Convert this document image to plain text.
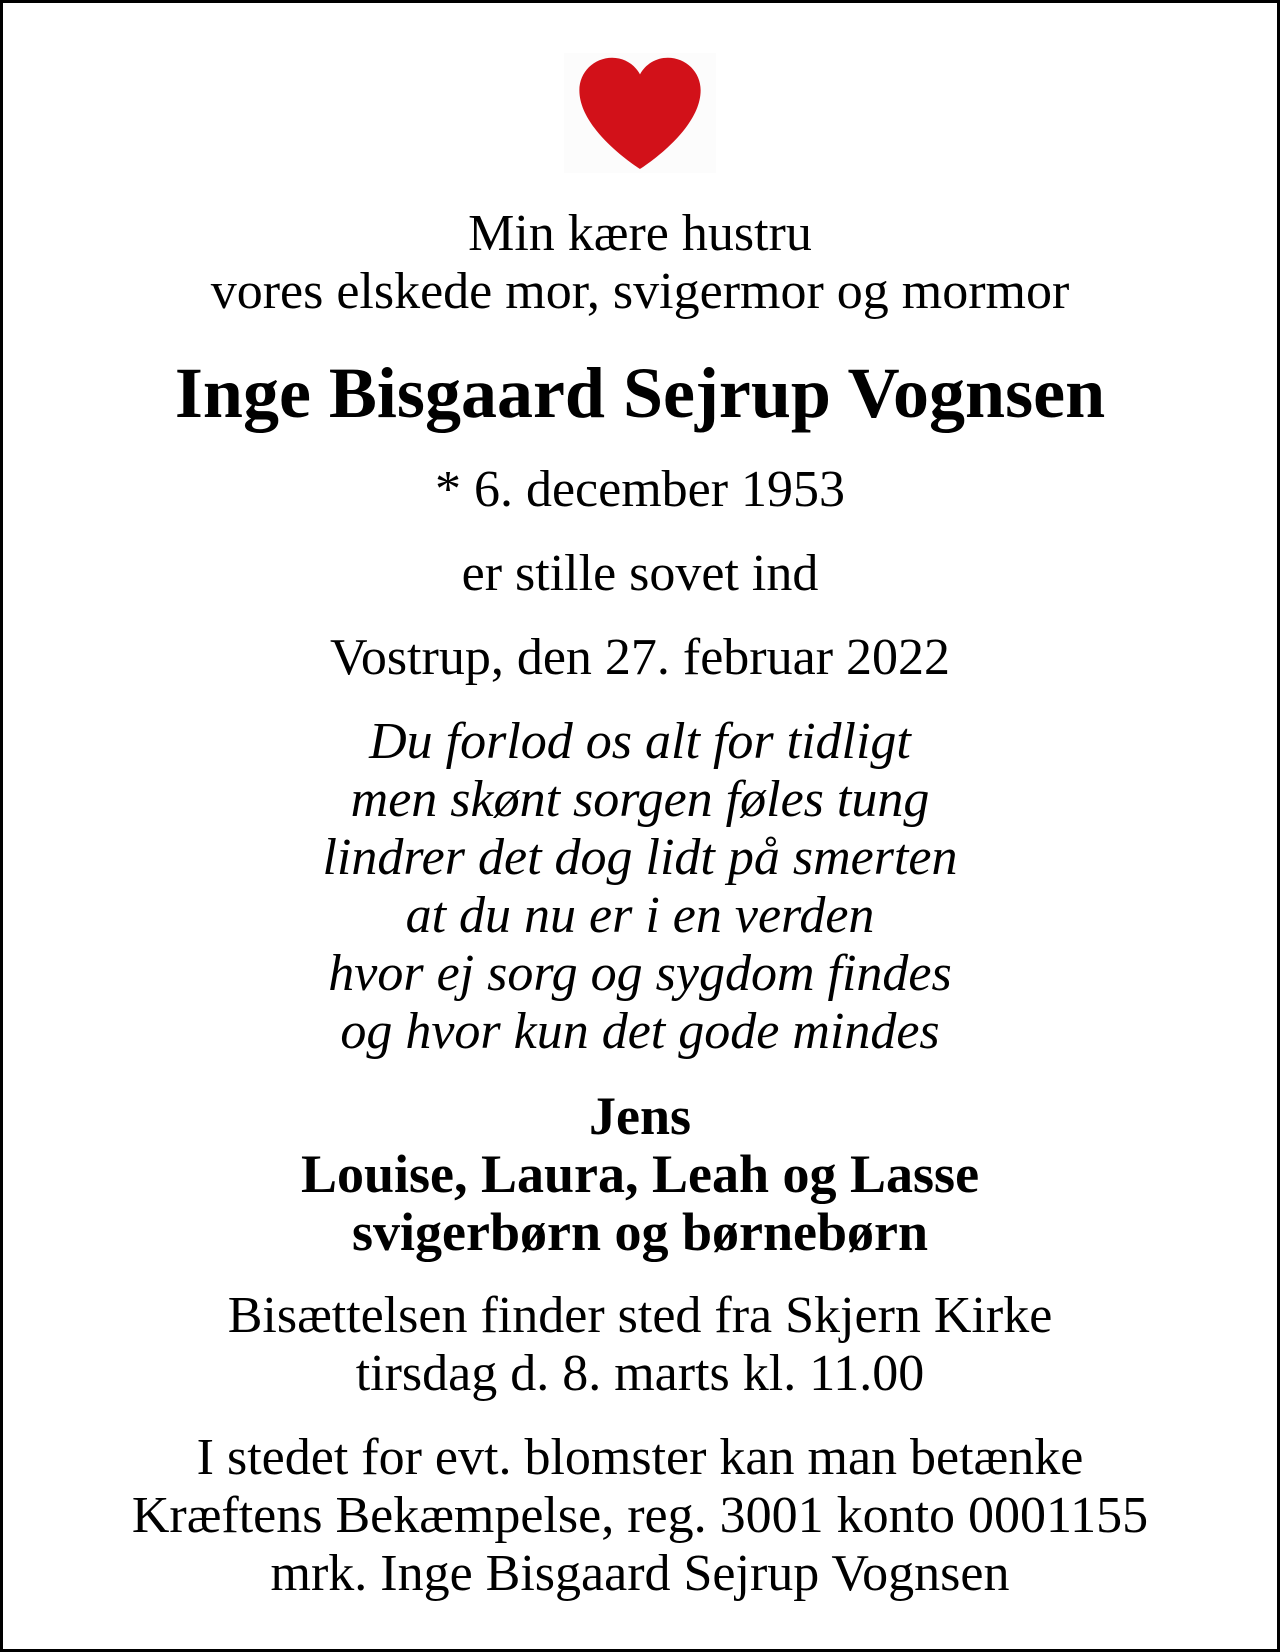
Min kære hustru
vores elskede mor, svigermor og mormor
Inge Bisgaard Sejrup Vognsen
* 6. december 1953
er stille sovet ind
Vostrup, den 27. februar 2022
Du forlod os alt for tidligt
men skønt sorgen føles tung
lindrer det dog lidt på smerten
at du nu er i en verden
hvor ej sorg og sygdom findes
og hvor kun det gode mindes
Jens
Louise, Laura, Leah og Lasse
svigerbørn og børnebørn
Bisættelsen finder sted fra Skjern Kirke
tirsdag d. 8. marts kl. 11.00
I stedet for evt. blomster kan man betænke
Kræftens Bekæmpelse, reg. 3001 konto 0001155
mrk. Inge Bisgaard Sejrup Vognsen
